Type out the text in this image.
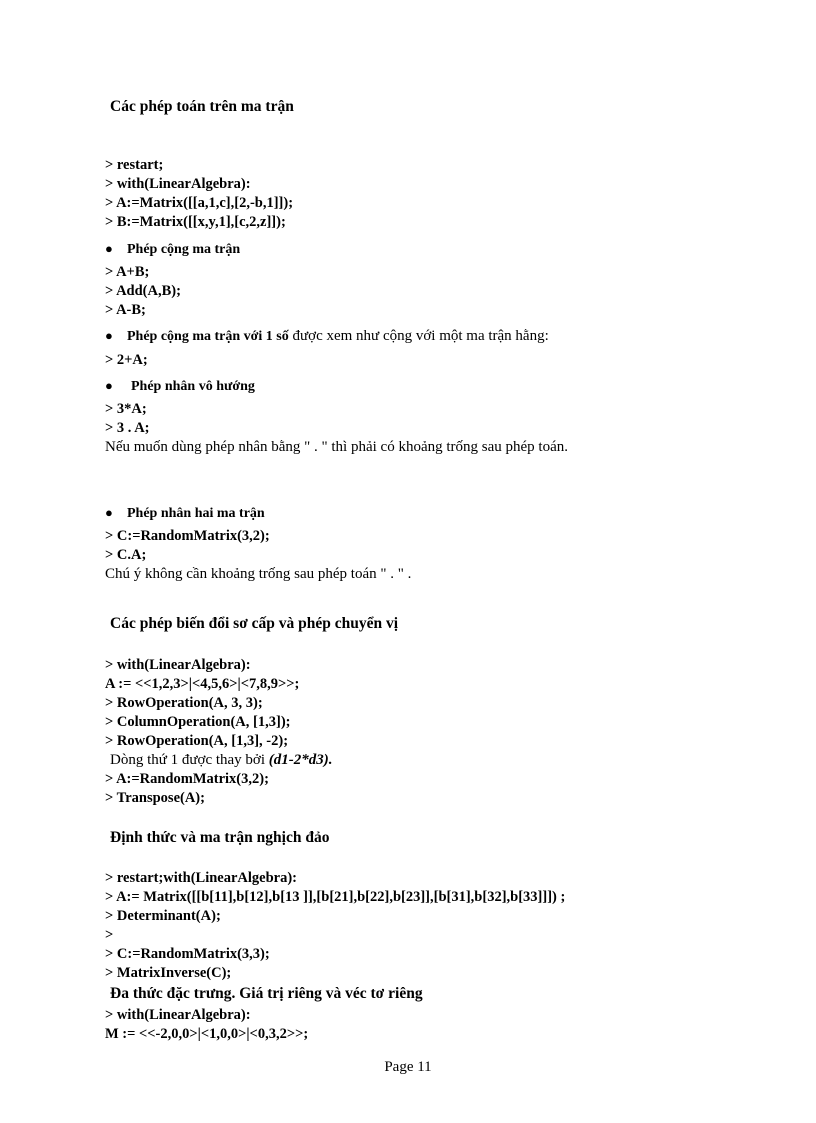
Các phép toán trên ma trận
> restart;
> with(LinearAlgebra):
> A:=Matrix([[a,1,c],[2,-b,1]]);
> B:=Matrix([[x,y,1],[c,2,z]]);
● Phép cộng ma trận
> A+B;
> Add(A,B);
> A-B;
● Phép cộng ma trận với 1 số được xem như cộng với một ma trận hằng:
> 2+A;
● Phép nhân vô hướng
> 3*A;
> 3 . A;
Nếu muốn dùng phép nhân bằng " . " thì phải có khoảng trống sau phép toán.
● Phép nhân hai ma trận
> C:=RandomMatrix(3,2);
> C.A;
Chú ý không cần khoảng trống sau phép toán " . " .
Các phép biến đổi sơ cấp và phép chuyển vị
> with(LinearAlgebra):
A := <<1,2,3>|<4,5,6>|<7,8,9>>;
> RowOperation(A, 3, 3);
> ColumnOperation(A, [1,3]);
> RowOperation(A, [1,3], -2);
Dòng thứ 1 được thay bởi (d1-2*d3).
> A:=RandomMatrix(3,2);
> Transpose(A);
Định thức và ma trận nghịch đảo
> restart;with(LinearAlgebra):
> A:= Matrix([[b[11],b[12],b[13 ]],[b[21],b[22],b[23]],[b[31],b[32],b[33]]]) ;
> Determinant(A);
>
> C:=RandomMatrix(3,3);
> MatrixInverse(C);
Đa thức đặc trưng. Giá trị riêng và véc tơ riêng
> with(LinearAlgebra):
M := <<-2,0,0>|<1,0,0>|<0,3,2>>;
Page 11
